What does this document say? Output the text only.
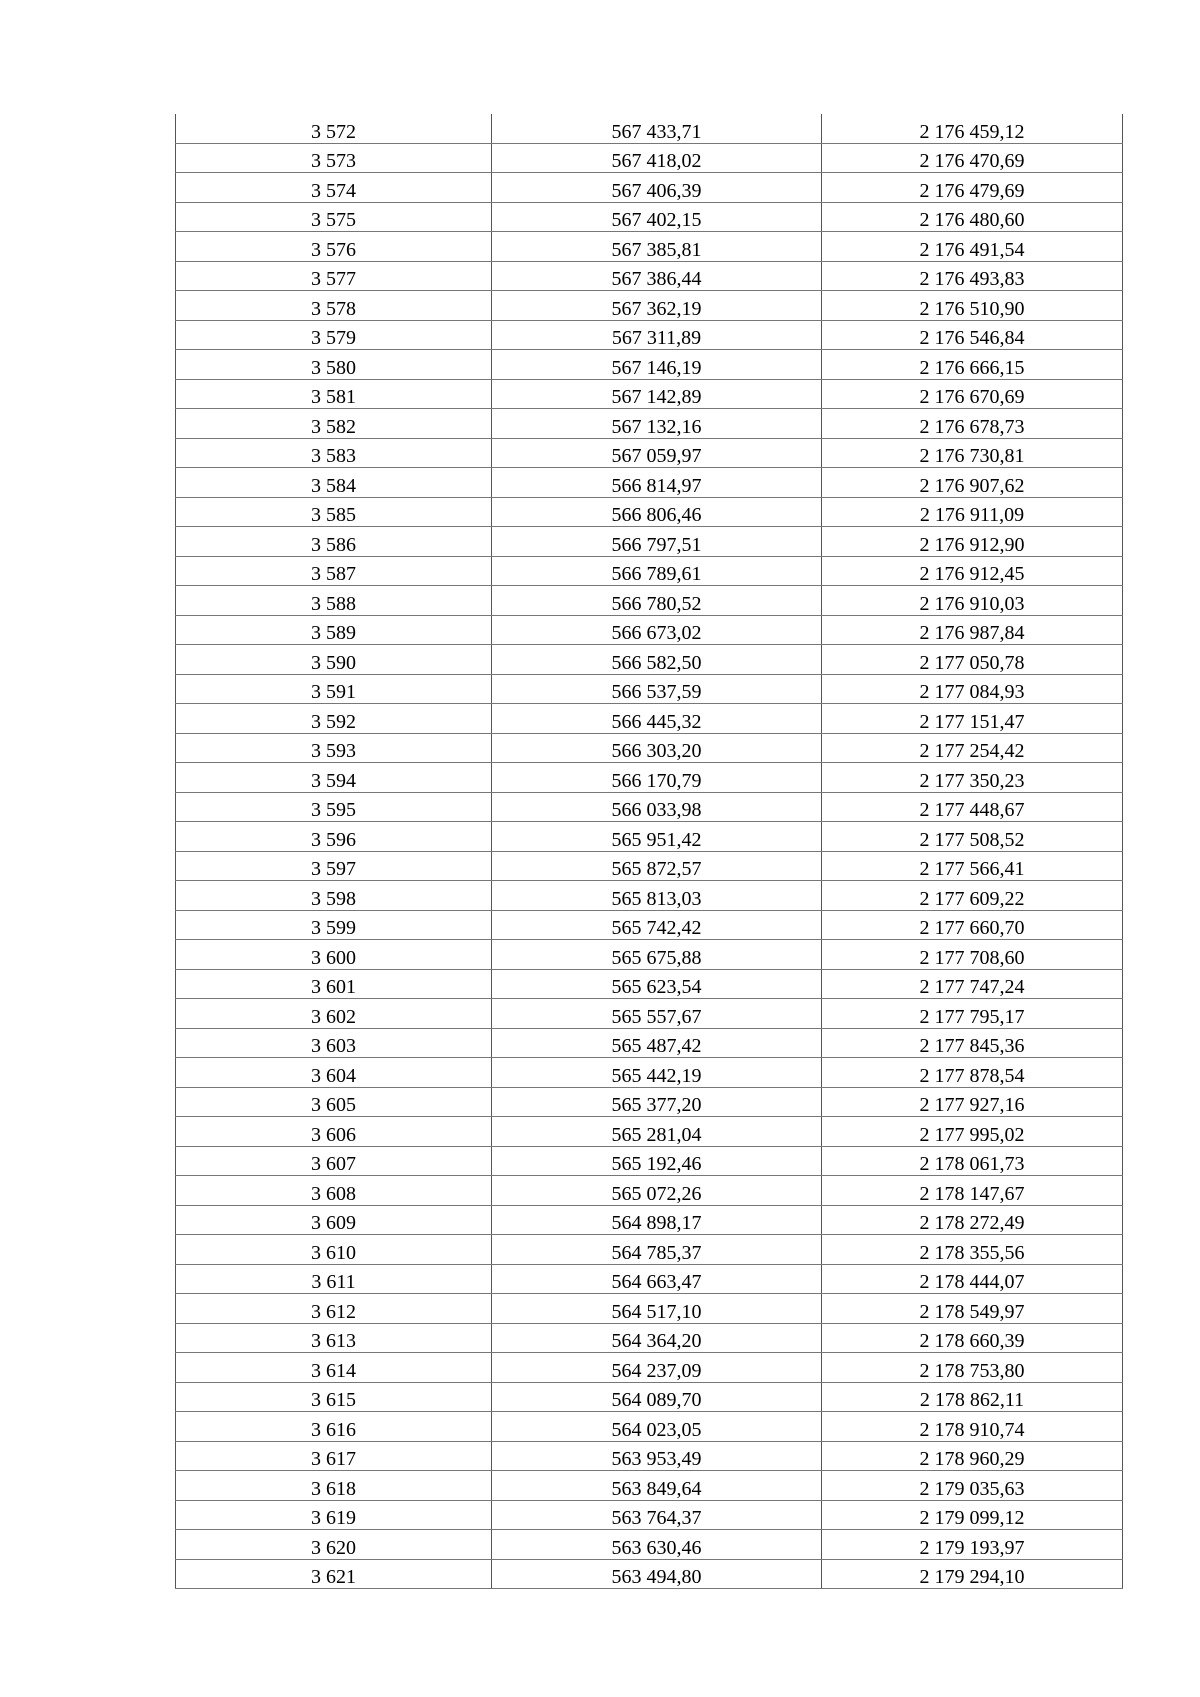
3 572	567 433,71	2 176 459,12
3 573	567 418,02	2 176 470,69
3 574	567 406,39	2 176 479,69
3 575	567 402,15	2 176 480,60
3 576	567 385,81	2 176 491,54
3 577	567 386,44	2 176 493,83
3 578	567 362,19	2 176 510,90
3 579	567 311,89	2 176 546,84
3 580	567 146,19	2 176 666,15
3 581	567 142,89	2 176 670,69
3 582	567 132,16	2 176 678,73
3 583	567 059,97	2 176 730,81
3 584	566 814,97	2 176 907,62
3 585	566 806,46	2 176 911,09
3 586	566 797,51	2 176 912,90
3 587	566 789,61	2 176 912,45
3 588	566 780,52	2 176 910,03
3 589	566 673,02	2 176 987,84
3 590	566 582,50	2 177 050,78
3 591	566 537,59	2 177 084,93
3 592	566 445,32	2 177 151,47
3 593	566 303,20	2 177 254,42
3 594	566 170,79	2 177 350,23
3 595	566 033,98	2 177 448,67
3 596	565 951,42	2 177 508,52
3 597	565 872,57	2 177 566,41
3 598	565 813,03	2 177 609,22
3 599	565 742,42	2 177 660,70
3 600	565 675,88	2 177 708,60
3 601	565 623,54	2 177 747,24
3 602	565 557,67	2 177 795,17
3 603	565 487,42	2 177 845,36
3 604	565 442,19	2 177 878,54
3 605	565 377,20	2 177 927,16
3 606	565 281,04	2 177 995,02
3 607	565 192,46	2 178 061,73
3 608	565 072,26	2 178 147,67
3 609	564 898,17	2 178 272,49
3 610	564 785,37	2 178 355,56
3 611	564 663,47	2 178 444,07
3 612	564 517,10	2 178 549,97
3 613	564 364,20	2 178 660,39
3 614	564 237,09	2 178 753,80
3 615	564 089,70	2 178 862,11
3 616	564 023,05	2 178 910,74
3 617	563 953,49	2 178 960,29
3 618	563 849,64	2 179 035,63
3 619	563 764,37	2 179 099,12
3 620	563 630,46	2 179 193,97
3 621	563 494,80	2 179 294,10
